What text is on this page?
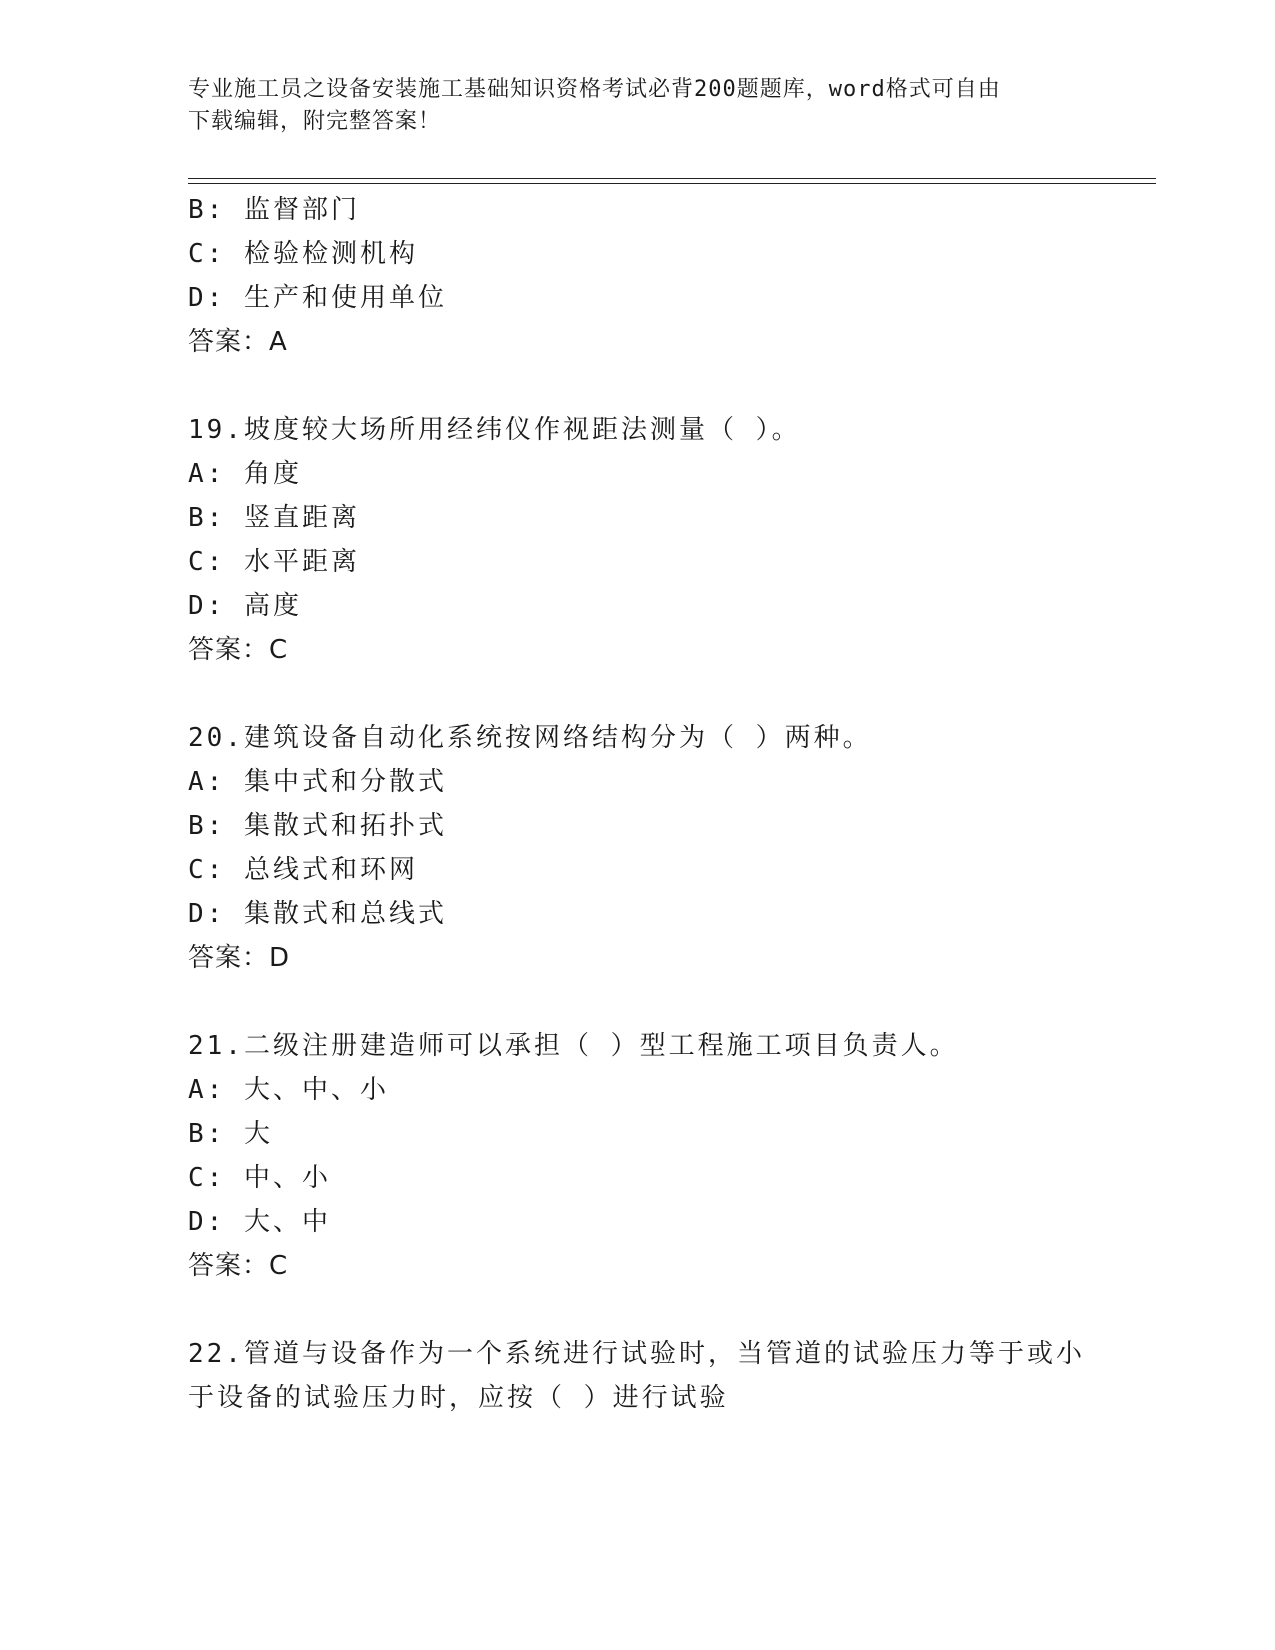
专业施工员之设备安装施工基础知识资格考试必背200题题库，word格式可自由
下载编辑，附完整答案！
B: 监督部门
C: 检验检测机构
D: 生产和使用单位
答案：A
19.坡度较大场所用经纬仪作视距法测量（ ）。
A: 角度
B: 竖直距离
C: 水平距离
D: 高度
答案：C
20.建筑设备自动化系统按网络结构分为（ ）两种。
A: 集中式和分散式
B: 集散式和拓扑式
C: 总线式和环网
D: 集散式和总线式
答案：D
21.二级注册建造师可以承担（ ）型工程施工项目负责人。
A: 大、中、小
B: 大
C: 中、小
D: 大、中
答案：C
22.管道与设备作为一个系统进行试验时，当管道的试验压力等于或小
于设备的试验压力时，应按（ ）进行试验
